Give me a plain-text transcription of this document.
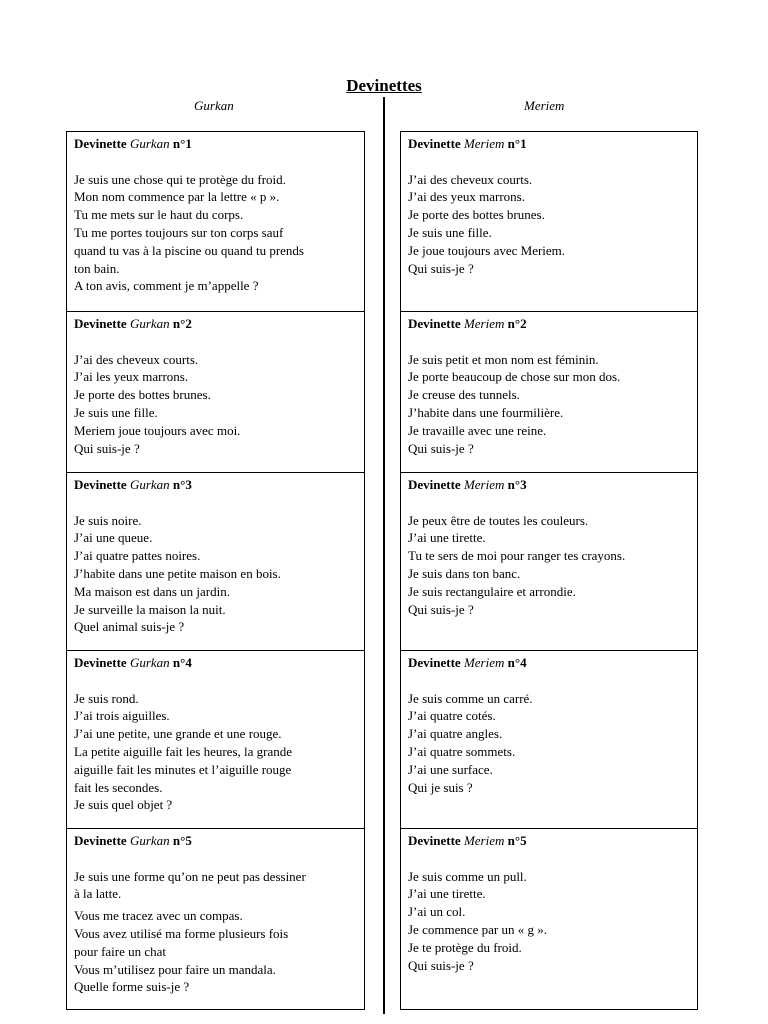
Devinettes
Gurkan	Meriem
Devinette Gurkan n°1
Je suis une chose qui te protège du froid.
Mon nom commence par la lettre « p ».
Tu me mets sur le haut du corps.
Tu me portes toujours sur ton corps sauf
quand tu vas à la piscine ou quand tu prends
ton bain.
A ton avis, comment je m’appelle ?
Devinette Gurkan n°2
J’ai des cheveux courts.
J’ai les yeux marrons.
Je porte des bottes brunes.
Je suis une fille.
Meriem joue toujours avec moi.
Qui suis-je ?
Devinette Gurkan n°3
Je suis noire.
J’ai une queue.
J’ai quatre pattes noires.
J’habite dans une petite maison en bois.
Ma maison est dans un jardin.
Je surveille la maison la nuit.
Quel animal suis-je ?
Devinette Gurkan n°4
Je suis rond.
J’ai trois aiguilles.
J’ai une petite, une grande et une rouge.
La petite aiguille fait les heures, la grande
aiguille fait les minutes et l’aiguille rouge
fait les secondes.
Je suis quel objet ?
Devinette Gurkan n°5
Je suis une forme qu’on ne peut pas dessiner
à la latte.
Vous me tracez avec un compas.
Vous avez utilisé ma forme plusieurs fois
pour faire un chat
Vous m’utilisez pour faire un mandala.
Quelle forme suis-je ?
Devinette Meriem n°1
J’ai des cheveux courts.
J’ai des yeux marrons.
Je porte des bottes brunes.
Je suis une fille.
Je joue toujours avec Meriem.
Qui suis-je ?
Devinette Meriem n°2
Je suis petit et mon nom est féminin.
Je porte beaucoup de chose sur mon dos.
Je creuse des tunnels.
J’habite dans une fourmilière.
Je travaille avec une reine.
Qui suis-je ?
Devinette Meriem n°3
Je peux être de toutes les couleurs.
J’ai une tirette.
Tu te sers de moi pour ranger tes crayons.
Je suis dans ton banc.
Je suis rectangulaire et arrondie.
Qui suis-je ?
Devinette Meriem n°4
Je suis comme un carré.
J’ai quatre cotés.
J’ai quatre angles.
J’ai quatre sommets.
J’ai une surface.
Qui je suis ?
Devinette Meriem n°5
Je suis comme un pull.
J’ai une tirette.
J’ai un col.
Je commence par un « g ».
Je te protège du froid.
Qui suis-je ?
